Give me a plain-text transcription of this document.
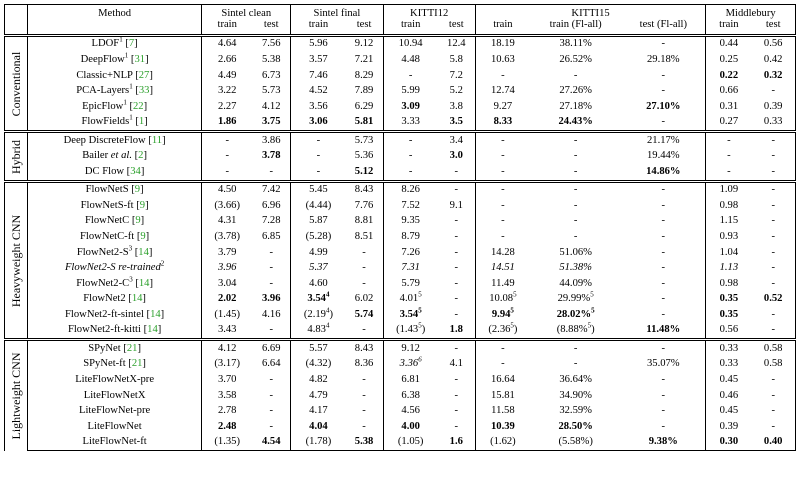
	Method	Sintel clean		Sintel final		KITTI12		KITTI15			Middlebury	
		train	test	train	test	train	test	train	train (Fl-all)	test (Fl-all)	train	test

Conventional	LDOF$^1$ [7]	4.64	7.56	5.96	9.12	10.94	12.4	18.19	38.11%	-	0.44	0.56
	DeepFlow$^1$ [31]	2.66	5.38	3.57	7.21	4.48	5.8	10.63	26.52%	29.18%	0.25	0.42
	Classic+NLP [27]	4.49	6.73	7.46	8.29	-	7.2	-	-	-	0.22	0.32
	PCA-Layers$^1$ [33]	3.22	5.73	4.52	7.89	5.99	5.2	12.74	27.26%	-	0.66	-
	EpicFlow$^1$ [22]	2.27	4.12	3.56	6.29	3.09	3.8	9.27	27.18%	27.10%	0.31	0.39
	FlowFields$^1$ [1]	1.86	3.75	3.06	5.81	3.33	3.5	8.33	24.43%	-	0.27	0.33

Hybrid	Deep DiscreteFlow [11]	-	3.86	-	5.73	-	3.4	-	-	21.17%	-	-
	Bailer et al. [2]	-	3.78	-	5.36	-	3.0	-	-	19.44%	-	-
	DC Flow [34]	-	-	-	5.12	-	-	-	-	14.86%	-	-

Heavyweight CNN	FlowNetS [9]	4.50	7.42	5.45	8.43	8.26	-	-	-	-	1.09	-
	FlowNetS-ft [9]	(3.66)	6.96	(4.44)	7.76	7.52	9.1	-	-	-	0.98	-
	FlowNetC [9]	4.31	7.28	5.87	8.81	9.35	-	-	-	-	1.15	-
	FlowNetC-ft [9]	(3.78)	6.85	(5.28)	8.51	8.79	-	-	-	-	0.93	-
	$FlowNet2-S^3$ [14]	3.79	-	4.99	-	7.26	-	14.28	51.06%	-	1.04	-
	FlowNet2-S re-trained$^2$	3.96	-	5.37	-	7.31	-	14.51	51.38%	-	1.13	-
	$FlowNet2-C^3$ [14]	3.04	-	4.60	-	5.79	-	11.49	44.09%	-	0.98	-
	FlowNet2 [14]	2.02	3.96	3.54$^4$	6.02	4.01$^5$	-	10.08$^5$	29.99%$^5$	-	0.35	0.52
	FlowNet2-ft-sintel [14]	(1.45)	4.16	(2.19$^4$)	5.74	3.54$^5$	-	9.94$^5$	28.02%$^5$	-	0.35	-
	FlowNet2-ft-kitti [14]	3.43	-	4.83$^4$	-	(1.43$^5$)	1.8	(2.36$^5$)	(8.88%$^5$)	11.48%	0.56	-

Lightweight CNN	SPyNet [21]	4.12	6.69	5.57	8.43	9.12	-	-	-	-	0.33	0.58
	SPyNet-ft [21]	(3.17)	6.64	(4.32)	8.36	3.36$^6$	4.1	-	-	35.07%	0.33	0.58
	LiteFlowNetX-pre	3.70	-	4.82	-	6.81	-	16.64	36.64%	-	0.45	-
	LiteFlowNetX	3.58	-	4.79	-	6.38	-	15.81	34.90%	-	0.46	-
	LiteFlowNet-pre	2.78	-	4.17	-	4.56	-	11.58	32.59%	-	0.45	-
	LiteFlowNet	2.48	-	4.04	-	4.00	-	10.39	28.50%	-	0.39	-
	LiteFlowNet-ft	(1.35)	4.54	(1.78)	5.38	(1.05)	1.6	(1.62)	(5.58%)	9.38%	0.30	0.40
